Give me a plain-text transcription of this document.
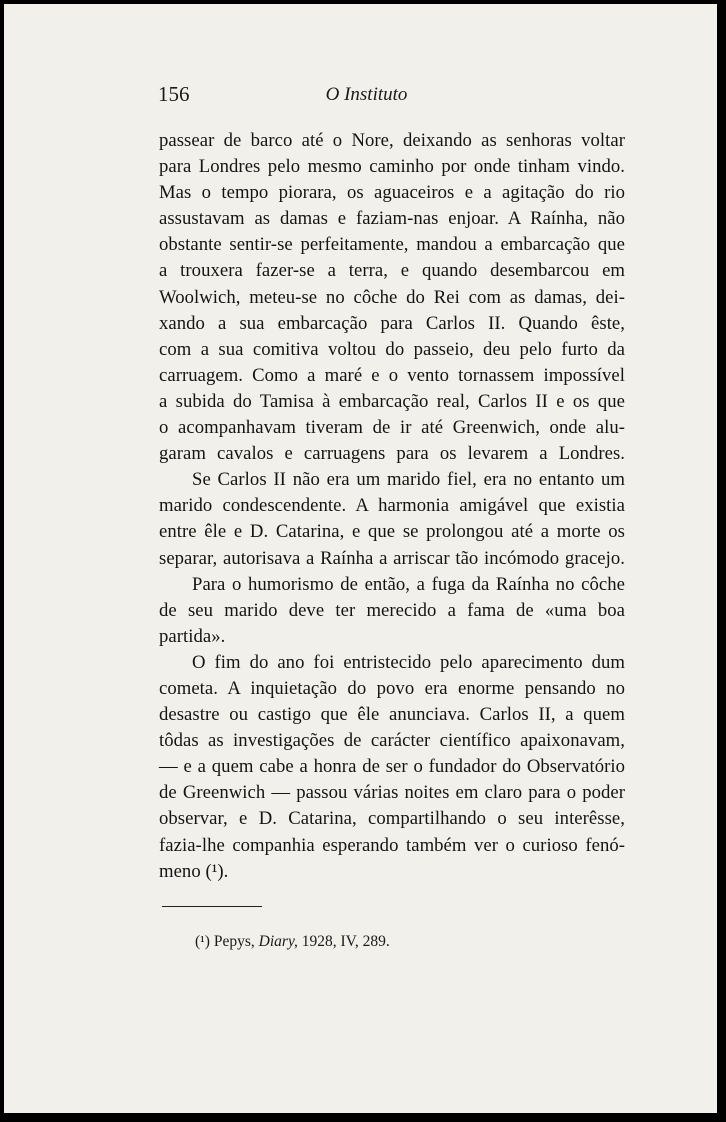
156	O Instituto

passear de barco até o Nore, deixando as senhoras voltar
para Londres pelo mesmo caminho por onde tinham vindo.
Mas o tempo piorara, os aguaceiros e a agitação do rio
assustavam as damas e faziam-nas enjoar. A Raínha, não
obstante sentir-se perfeitamente, mandou a embarcação que
a trouxera fazer-se a terra, e quando desembarcou em
Woolwich, meteu-se no côche do Rei com as damas, dei-
xando a sua embarcação para Carlos II. Quando êste,
com a sua comitiva voltou do passeio, deu pelo furto da
carruagem. Como a maré e o vento tornassem impossível
a subida do Tamisa à embarcação real, Carlos II e os que
o acompanhavam tiveram de ir até Greenwich, onde alu-
garam cavalos e carruagens para os levarem a Londres.

Se Carlos II não era um marido fiel, era no entanto um
marido condescendente. A harmonia amigável que existia
entre êle e D. Catarina, e que se prolongou até a morte os
separar, autorisava a Raínha a arriscar tão incómodo gracejo.

Para o humorismo de então, a fuga da Raínha no côche
de seu marido deve ter merecido a fama de «uma boa
partida».

O fim do ano foi entristecido pelo aparecimento dum
cometa. A inquietação do povo era enorme pensando no
desastre ou castigo que êle anunciava. Carlos II, a quem
tôdas as investigações de carácter científico apaixonavam,
— e a quem cabe a honra de ser o fundador do Observatório
de Greenwich — passou várias noites em claro para o poder
observar, e D. Catarina, compartilhando o seu interêsse,
fazia-lhe companhia esperando também ver o curioso fenó-
meno (¹).

(¹) Pepys, Diary, 1928, IV, 289.
